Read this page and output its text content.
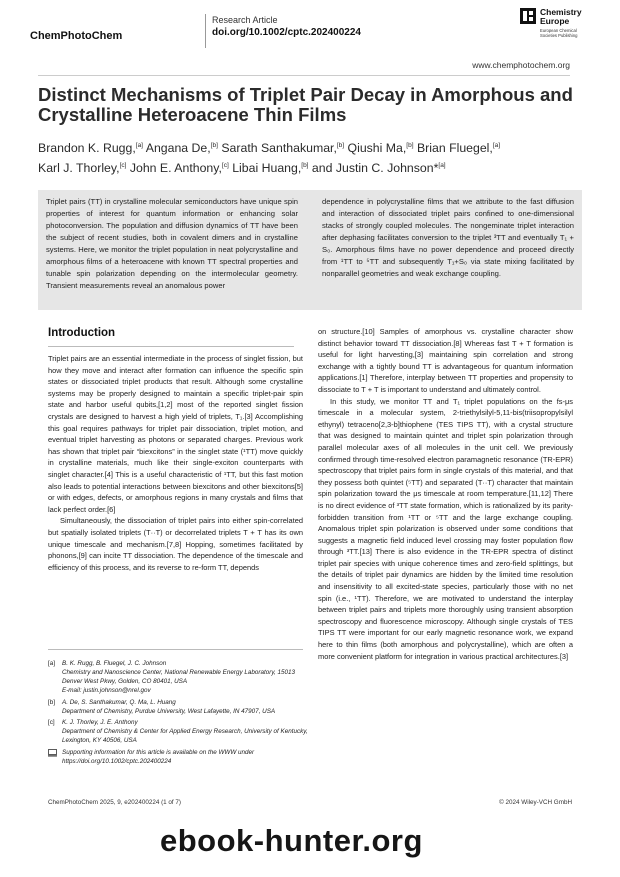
ChemPhotoChem
Research Article
doi.org/10.1002/cptc.202400224
Chemistry
Europe
European Chemical
Societies Publishing
www.chemphotochem.org
Distinct Mechanisms of Triplet Pair Decay in Amorphous and Crystalline Heteroacene Thin Films
Brandon K. Rugg,[a] Angana De,[b] Sarath Santhakumar,[b] Qiushi Ma,[b] Brian Fluegel,[a]
Karl J. Thorley,[c] John E. Anthony,[c] Libai Huang,[b] and Justin C. Johnson*[a]
Triplet pairs (TT) in crystalline molecular semiconductors have unique spin properties of interest for quantum information or enhancing solar photoconversion. The population and diffusion dynamics of TT have been the subject of recent studies, both in covalent dimers and in crystalline systems. Here, we monitor the triplet population in neat polycrystalline and amorphous films of a heteroacene with known TT spectral properties and tunable spin polarization depending on the intermolecular geometry. Transient measurements reveal an anomalous power
dependence in polycrystalline films that we attribute to the fast diffusion and interaction of dissociated triplet pairs confined to one-dimensional stacks of strongly coupled molecules. The nongeminate triplet interaction after dephasing facilitates conversion to the triplet ³TT and eventually T₁ + S₀. Amorphous films have no power dependence and proceed directly from ¹TT to ⁵TT and subsequently T₁+S₀ via state mixing facilitated by nonparallel geometries and weak exchange coupling.
Introduction

Triplet pairs are an essential intermediate in the process of singlet fission, but how they move and interact after formation can influence the specific spin states or dissociated triplet products that result. Although some crystalline systems may be properly designed to maintain a specific triplet-pair spin state and harbor useful qubits,[1,2] most of the reported singlet fission crystals are designed to harvest a high yield of triplets, T₁.[3] Accomplishing this goal requires pathways for triplet pair dissociation, triplet motion, and eventual triplet harvesting as photons or separated charges. Previous work has shown that triplet pair “biexcitons” in the singlet state (¹TT) move quickly in crystalline materials, much like their single-exciton counterparts with singlet character.[4] This is a useful characteristic of ¹TT, but this fast motion also leads to potential interactions between biexcitons and other biexcitons[5] or with edges, defects, or amorphous regions in many crystals and films that lack perfect order.[6]

Simultaneously, the dissociation of triplet pairs into either spin-correlated but spatially isolated triplets (T··T) or decorrelated triplets T + T has its own unique timescale and mechanism.[7,8] Hopping, sometimes facilitated by phonons,[9] can incite TT dissociation. The dependence of the timescale and efficiency of this process, and its reverse to re-form TT, depends

on structure.[10] Samples of amorphous vs. crystalline character show distinct behavior toward TT dissociation.[8] Whereas fast T + T formation is useful for light harvesting,[3] maintaining spin correlation and strong exchange with a tightly bound TT is advantageous for quantum information applications.[1] Therefore, interplay between TT properties and propensity to dissociate to T + T is important to understand and ultimately control.

In this study, we monitor TT and T₁ triplet populations on the fs-μs timescale in a molecular system, 2-triethylsilyl-5,11-bis(triisopropylsilyl ethynyl) tetraceno[2,3-b]thiophene (TES TIPS TT), with a crystal structure that was designed to maintain quintet and triplet spin polarization through parallel molecular axes of all molecules in the unit cell. We previously confirmed through time-resolved electron paramagnetic resonance (TR-EPR) spectroscopy that triplet pairs form in single crystals of this material, and that they possess both quintet (⁵TT) and separated (T··T) character that maintain spin polarization toward the μs timescale at room temperature.[11,12] There is no direct evidence of ³TT state formation, which is rationalized by its parity-forbidden transition from ¹TT or ⁵TT and the large exchange coupling. Anomalous triplet spin polarization is observed under some conditions that suggests a magnetic field induced level crossing may foster population flow through ³TT.[13] There is also evidence in the TR-EPR spectra of distinct triplet pair species with unique coherence times and zero-field splittings, but the details of triplet pair dynamics are hidden by the limited time resolution and insensitivity to all excited-state species, particularly those with no net spin (i.e., ¹TT). Therefore, we are motivated to understand the interplay between triplet pairs and triplets more thoroughly using transient absorption spectroscopy and fluorescence microscopy. Although single crystals of TES TIPS TT were important for our early magnetic resonance work, we expand here to thin films (both amorphous and polycrystalline), which are often a more convenient platform for integration in various practical architectures.[3]

[a]	B. K. Rugg, B. Fluegel, J. C. Johnson
Chemistry and Nanoscience Center, National Renewable Energy Laboratory, 15013 Denver West Pkwy, Golden, CO 80401, USA
E-mail: justin.johnson@nrel.gov
[b]	A. De, S. Santhakumar, Q. Ma, L. Huang
Department of Chemistry, Purdue University, West Lafayette, IN 47907, USA
[c]	K. J. Thorley, J. E. Anthony
Department of Chemistry & Center for Applied Energy Research, University of Kentucky, Lexington, KY 40506, USA
Supporting information for this article is available on the WWW under https://doi.org/10.1002/cptc.202400224
ChemPhotoChem 2025, 9, e202400224 (1 of 7)	© 2024 Wiley-VCH GmbH
ebook-hunter.org
